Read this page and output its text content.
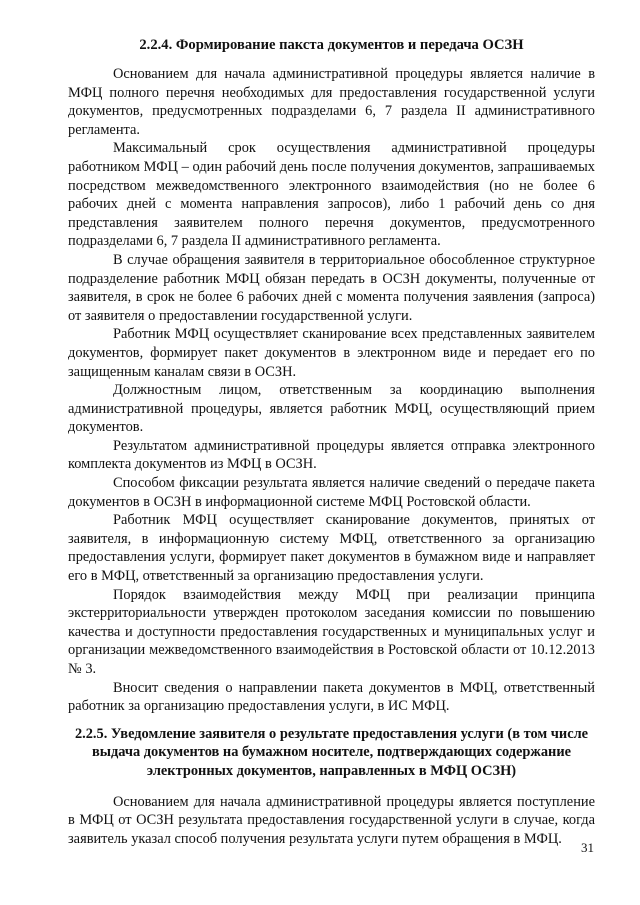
2.2.4. Формирование пакста документов и передача ОСЗН

Основанием для начала административной процедуры является наличие в МФЦ полного перечня необходимых для предоставления государственной услуги документов, предусмотренных подразделами 6, 7 раздела II административного регламента.

Максимальный срок осуществления административной процедуры работником МФЦ – один рабочий день после получения документов, запрашиваемых посредством межведомственного электронного взаимодействия (но не более 6 рабочих дней с момента направления запросов), либо 1 рабочий день со дня представления заявителем полного перечня документов, предусмотренного подразделами 6, 7 раздела II административного регламента.

В случае обращения заявителя в территориальное обособленное структурное подразделение работник МФЦ обязан передать в ОСЗН документы, полученные от заявителя, в срок не более 6 рабочих дней с момента получения заявления (запроса) от заявителя о предоставлении государственной услуги.

Работник МФЦ осуществляет сканирование всех представленных заявителем документов, формирует пакет документов в электронном виде и передает его по защищенным каналам связи в ОСЗН.

Должностным лицом, ответственным за координацию выполнения административной процедуры, является работник МФЦ, осуществляющий прием документов.

Результатом административной процедуры является отправка электронного комплекта документов из МФЦ в ОСЗН.

Способом фиксации результата является наличие сведений о передаче пакета документов в ОСЗН в информационной системе МФЦ Ростовской области.

Работник МФЦ осуществляет сканирование документов, принятых от заявителя, в информационную систему МФЦ, ответственного за организацию предоставления услуги, формирует пакет документов в бумажном виде и направляет его в МФЦ, ответственный за организацию предоставления услуги.

Порядок взаимодействия между МФЦ при реализации принципа экстерриториальности утвержден протоколом заседания комиссии по повышению качества и доступности предоставления государственных и муниципальных услуг и организации межведомственного взаимодействия в Ростовской области от 10.12.2013 № 3.

Вносит сведения о направлении пакета документов в МФЦ, ответственный работник за организацию предоставления услуги, в ИС МФЦ.

2.2.5. Уведомление заявителя о результате предоставления услуги (в том числе выдача документов на бумажном носителе, подтверждающих содержание электронных документов, направленных в МФЦ ОСЗН)

Основанием для начала административной процедуры является поступление в МФЦ от ОСЗН результата предоставления государственной услуги в случае, когда заявитель указал способ получения результата услуги путем обращения в МФЦ.

31
